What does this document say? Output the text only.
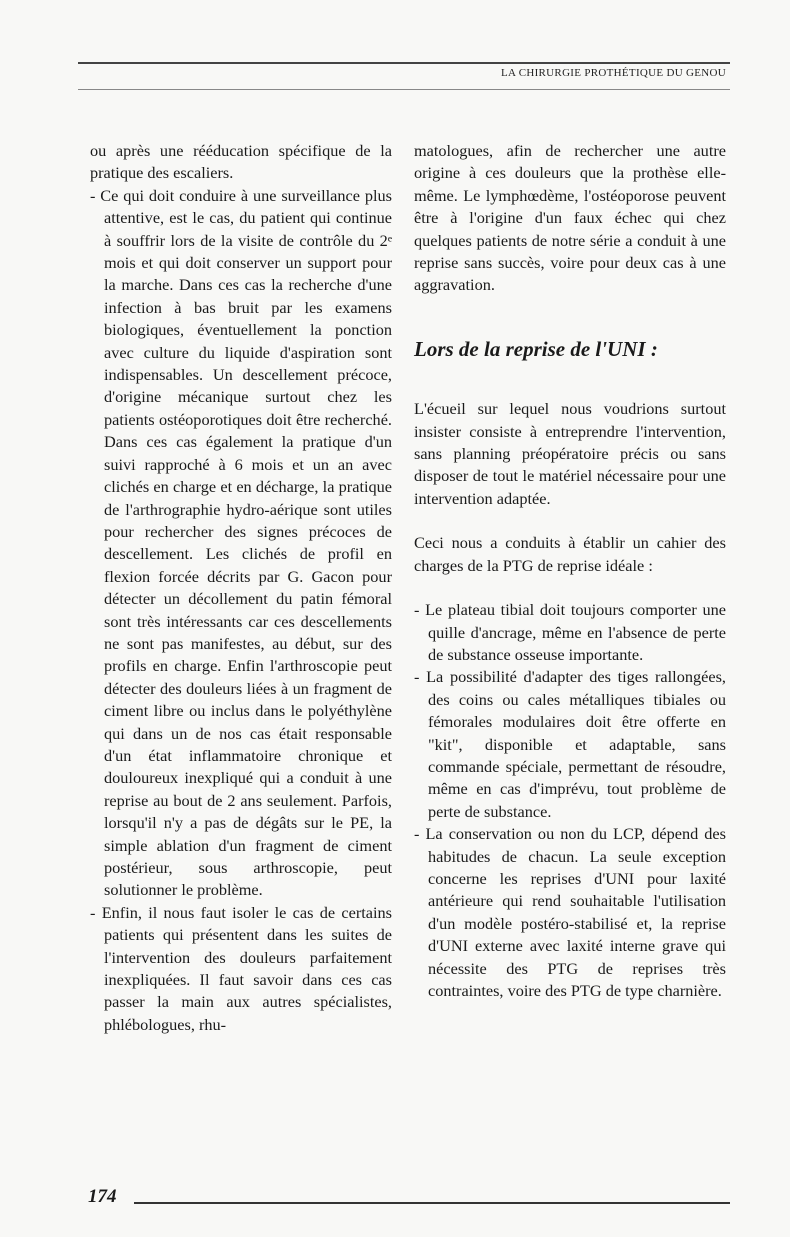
LA CHIRURGIE PROTHÉTIQUE DU GENOU

ou après une rééducation spécifique de la pratique des escaliers.

- Ce qui doit conduire à une surveillance plus attentive, est le cas, du patient qui continue à souffrir lors de la visite de contrôle du 2ᵉ mois et qui doit conserver un support pour la marche. Dans ces cas la recherche d'une infection à bas bruit par les examens biologiques, éventuellement la ponction avec culture du liquide d'aspiration sont indispensables. Un descellement précoce, d'origine mécanique surtout chez les patients ostéoporotiques doit être recherché. Dans ces cas également la pratique d'un suivi rapproché à 6 mois et un an avec clichés en charge et en décharge, la pratique de l'arthrographie hydro-aérique sont utiles pour rechercher des signes précoces de descellement. Les clichés de profil en flexion forcée décrits par G. Gacon pour détecter un décollement du patin fémoral sont très intéressants car ces descellements ne sont pas manifestes, au début, sur des profils en charge. Enfin l'arthroscopie peut détecter des douleurs liées à un fragment de ciment libre ou inclus dans le polyéthylène qui dans un de nos cas était responsable d'un état inflammatoire chronique et douloureux inexpliqué qui a conduit à une reprise au bout de 2 ans seulement. Parfois, lorsqu'il n'y a pas de dégâts sur le PE, la simple ablation d'un fragment de ciment postérieur, sous arthroscopie, peut solutionner le problème.

- Enfin, il nous faut isoler le cas de certains patients qui présentent dans les suites de l'intervention des douleurs parfaitement inexpliquées. Il faut savoir dans ces cas passer la main aux autres spécialistes, phlébologues, rhu-

matologues, afin de rechercher une autre origine à ces douleurs que la prothèse elle-même. Le lymphœdème, l'ostéoporose peuvent être à l'origine d'un faux échec qui chez quelques patients de notre série a conduit à une reprise sans succès, voire pour deux cas à une aggravation.

Lors de la reprise de l'UNI :

L'écueil sur lequel nous voudrions surtout insister consiste à entreprendre l'intervention, sans planning préopératoire précis ou sans disposer de tout le matériel nécessaire pour une intervention adaptée.

Ceci nous a conduits à établir un cahier des charges de la PTG de reprise idéale :

- Le plateau tibial doit toujours comporter une quille d'ancrage, même en l'absence de perte de substance osseuse importante.

- La possibilité d'adapter des tiges rallongées, des coins ou cales métalliques tibiales ou fémorales modulaires doit être offerte en "kit", disponible et adaptable, sans commande spéciale, permettant de résoudre, même en cas d'imprévu, tout problème de perte de substance.

- La conservation ou non du LCP, dépend des habitudes de chacun. La seule exception concerne les reprises d'UNI pour laxité antérieure qui rend souhaitable l'utilisation d'un modèle postéro-stabilisé et, la reprise d'UNI externe avec laxité interne grave qui nécessite des PTG de reprises très contraintes, voire des PTG de type charnière.

174
